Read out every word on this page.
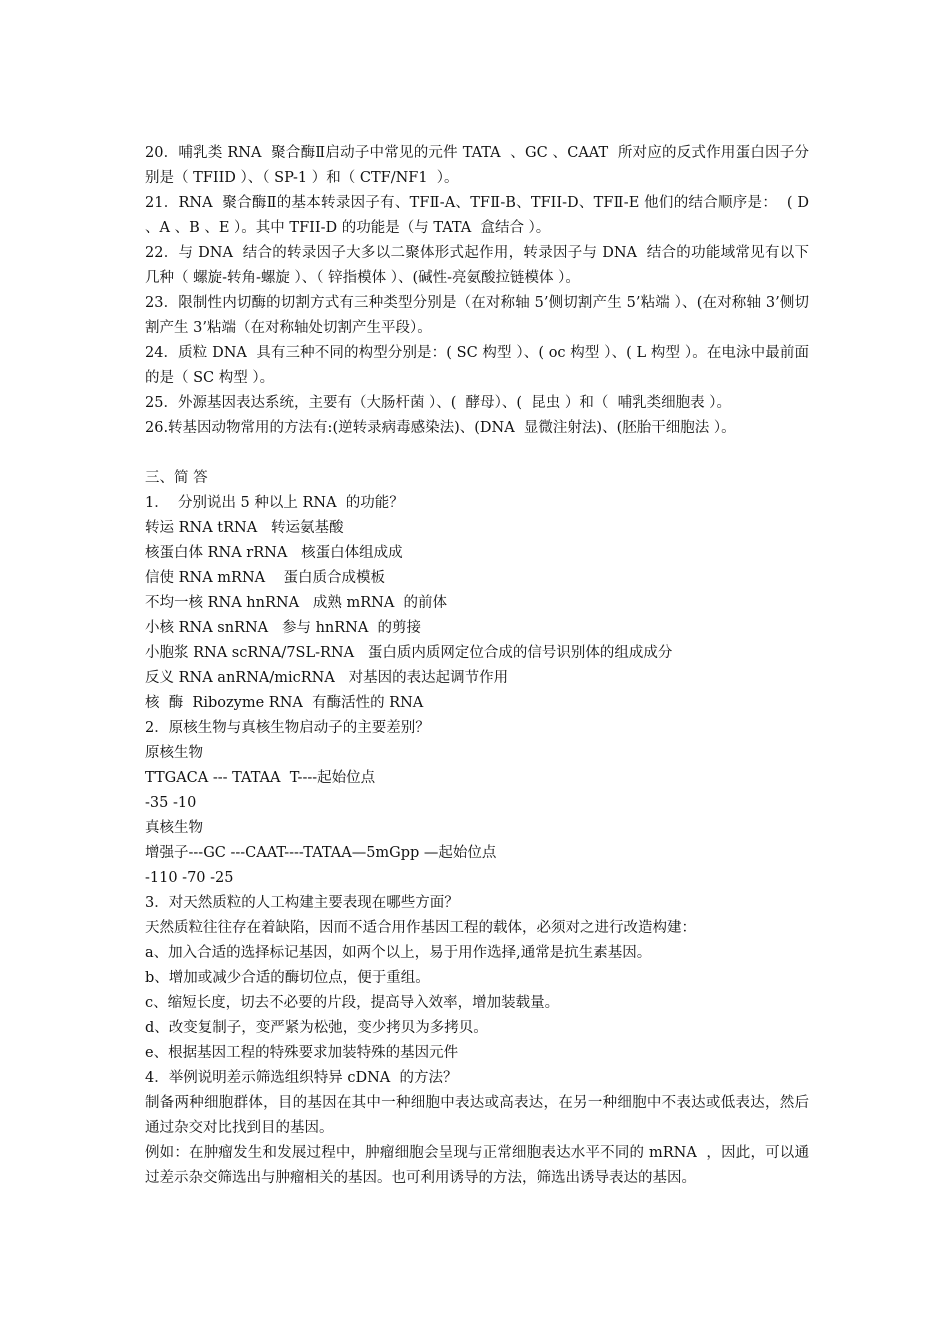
20．哺乳类 RNA  聚合酶Ⅱ启动子中常见的元件 TATA  、GC 、CAAT  所对应的反式作用蛋白因子分别是（ TFIID ）、（ SP-1 ）和（ CTF/NF1  ）。

21．RNA  聚合酶Ⅱ的基本转录因子有、TFⅡ-A、TFⅡ-B、TFII-D、TFⅡ-E 他们的结合顺序是：  ( D 、A 、B 、E ）。其中 TFII-D 的功能是（与 TATA  盒结合 ）。

22．与 DNA  结合的转录因子大多以二聚体形式起作用，转录因子与 DNA  结合的功能域常见有以下几种（ 螺旋-转角-螺旋 ）、（ 锌指模体 ）、(碱性-亮氨酸拉链模体 ）。

23．限制性内切酶的切割方式有三种类型分别是（在对称轴 5’侧切割产生 5’粘端 ）、(在对称轴 3’侧切割产生 3’粘端（在对称轴处切割产生平段）。

24．质粒 DNA  具有三种不同的构型分别是：( SC 构型 ）、( oc 构型 ）、( L 构型 ）。在电泳中最前面的是（ SC 构型 ）。

25．外源基因表达系统，主要有（大肠杆菌 ）、(  酵母）、(  昆虫 ）和（  哺乳类细胞表 ）。

26.转基因动物常用的方法有:(逆转录病毒感染法)、(DNA  显微注射法)、(胚胎干细胞法 ）。

三、简 答

1．  分别说出 5 种以上 RNA  的功能？

转运 RNA tRNA   转运氨基酸

核蛋白体 RNA rRNA   核蛋白体组成成

信使 RNA mRNA    蛋白质合成模板

不均一核 RNA hnRNA   成熟 mRNA  的前体

小核 RNA snRNA   参与 hnRNA  的剪接

小胞浆 RNA scRNA/7SL-RNA   蛋白质内质网定位合成的信号识别体的组成成分

反义 RNA anRNA/micRNA   对基因的表达起调节作用

核  酶  Ribozyme RNA  有酶活性的 RNA

2．原核生物与真核生物启动子的主要差别？

原核生物

TTGACA --- TATAA  T----起始位点

-35 -10

真核生物

增强子---GC ---CAAT----TATAA—5mGpp —起始位点

-110 -70 -25

3．对天然质粒的人工构建主要表现在哪些方面？

天然质粒往往存在着缺陷，因而不适合用作基因工程的载体，必须对之进行改造构建：

a、加入合适的选择标记基因，如两个以上，易于用作选择,通常是抗生素基因。

b、增加或减少合适的酶切位点，便于重组。

c、缩短长度，切去不必要的片段，提高导入效率，增加装载量。

d、改变复制子，变严紧为松弛，变少拷贝为多拷贝。

e、根据基因工程的特殊要求加装特殊的基因元件

4．举例说明差示筛选组织特异 cDNA  的方法？

制备两种细胞群体，目的基因在其中一种细胞中表达或高表达，在另一种细胞中不表达或低表达，然后通过杂交对比找到目的基因。

例如：在肿瘤发生和发展过程中，肿瘤细胞会呈现与正常细胞表达水平不同的 mRNA  ，因此，可以通过差示杂交筛选出与肿瘤相关的基因。也可利用诱导的方法，筛选出诱导表达的基因。
